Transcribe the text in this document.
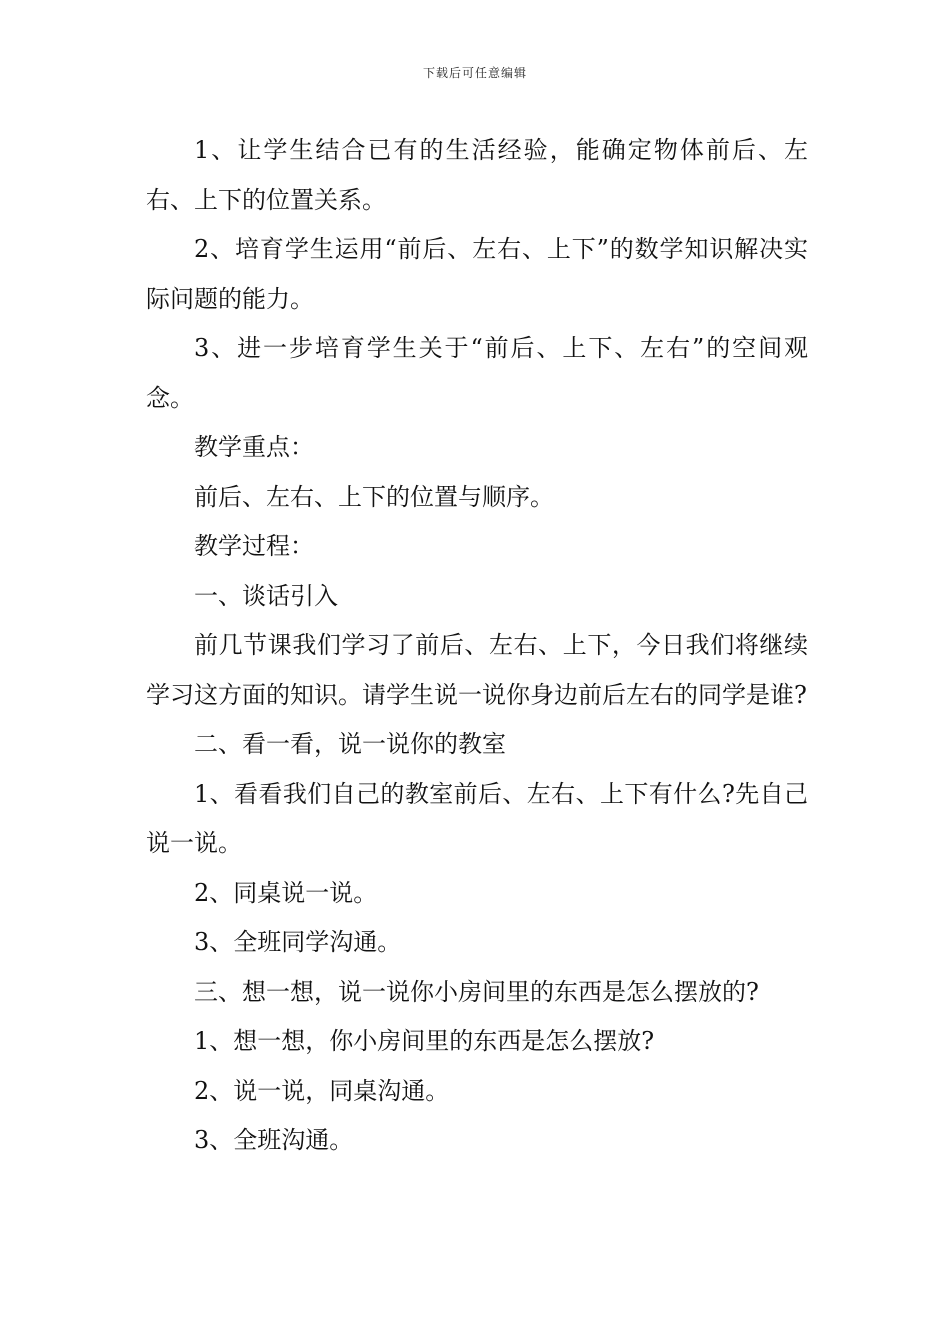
下载后可任意编辑

1、让学生结合已有的生活经验，能确定物体前后、左右、上下的位置关系。

2、培育学生运用“前后、左右、上下”的数学知识解决实际问题的能力。

3、进一步培育学生关于“前后、上下、左右”的空间观念。

教学重点：

前后、左右、上下的位置与顺序。

教学过程：

一、谈话引入

前几节课我们学习了前后、左右、上下，今日我们将继续学习这方面的知识。请学生说一说你身边前后左右的同学是谁?

二、看一看，说一说你的教室

1、看看我们自己的教室前后、左右、上下有什么?先自己说一说。

2、同桌说一说。

3、全班同学沟通。

三、想一想，说一说你小房间里的东西是怎么摆放的?

1、想一想，你小房间里的东西是怎么摆放?

2、说一说，同桌沟通。

3、全班沟通。
